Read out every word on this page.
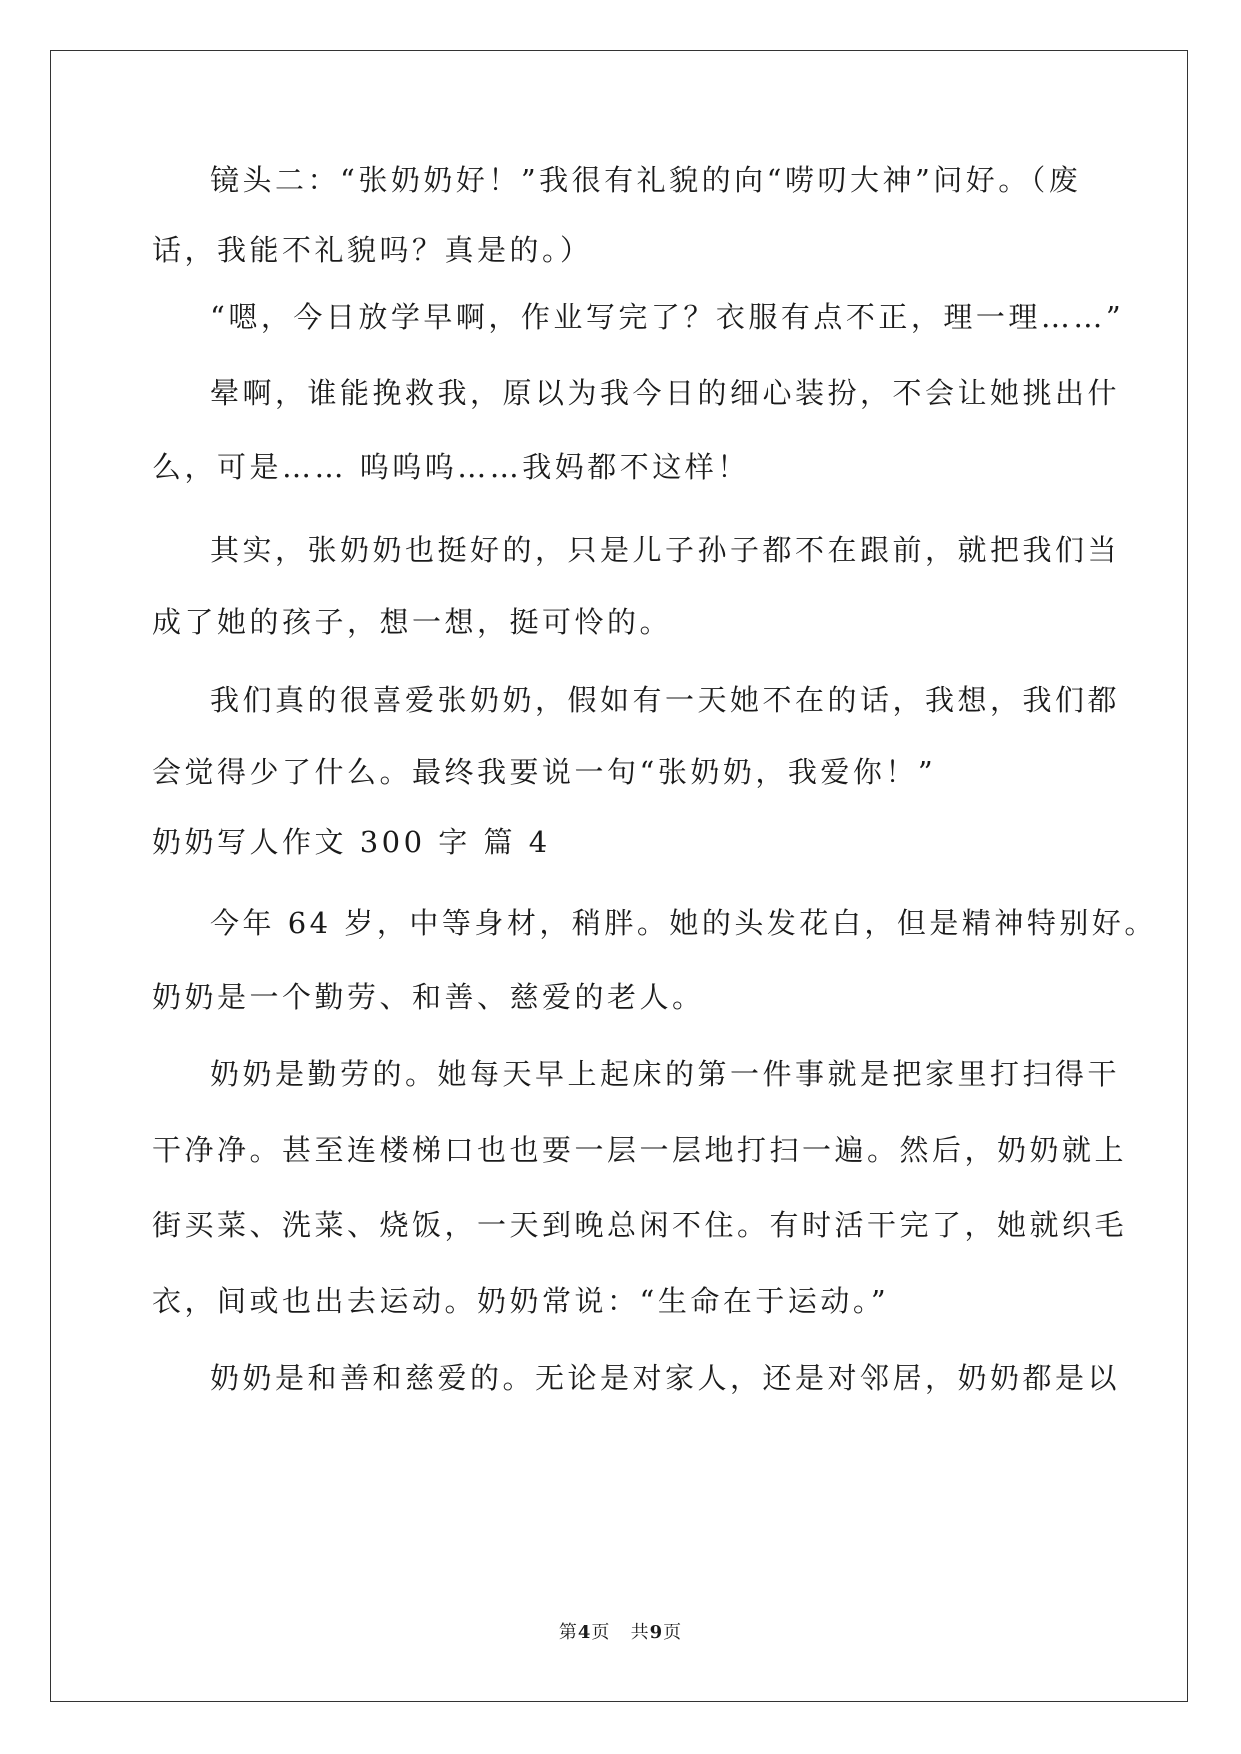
镜头二：“张奶奶好！”我很有礼貌的向“唠叨大神”问好。（废
话，我能不礼貌吗？真是的。）
“嗯，今日放学早啊，作业写完了？衣服有点不正，理一理……”
晕啊，谁能挽救我，原以为我今日的细心装扮，不会让她挑出什
么，可是…… 呜呜呜……我妈都不这样！
其实，张奶奶也挺好的，只是儿子孙子都不在跟前，就把我们当
成了她的孩子，想一想，挺可怜的。
我们真的很喜爱张奶奶，假如有一天她不在的话，我想，我们都
会觉得少了什么。最终我要说一句“张奶奶，我爱你！”
奶奶写人作文 300 字 篇 4
今年 64 岁，中等身材，稍胖。她的头发花白，但是精神特别好。
奶奶是一个勤劳、和善、慈爱的老人。
奶奶是勤劳的。她每天早上起床的第一件事就是把家里打扫得干
干净净。甚至连楼梯口也也要一层一层地打扫一遍。然后，奶奶就上
街买菜、洗菜、烧饭，一天到晚总闲不住。有时活干完了，她就织毛
衣，间或也出去运动。奶奶常说：“生命在于运动。”
奶奶是和善和慈爱的。无论是对家人，还是对邻居，奶奶都是以
第4页   共9页
